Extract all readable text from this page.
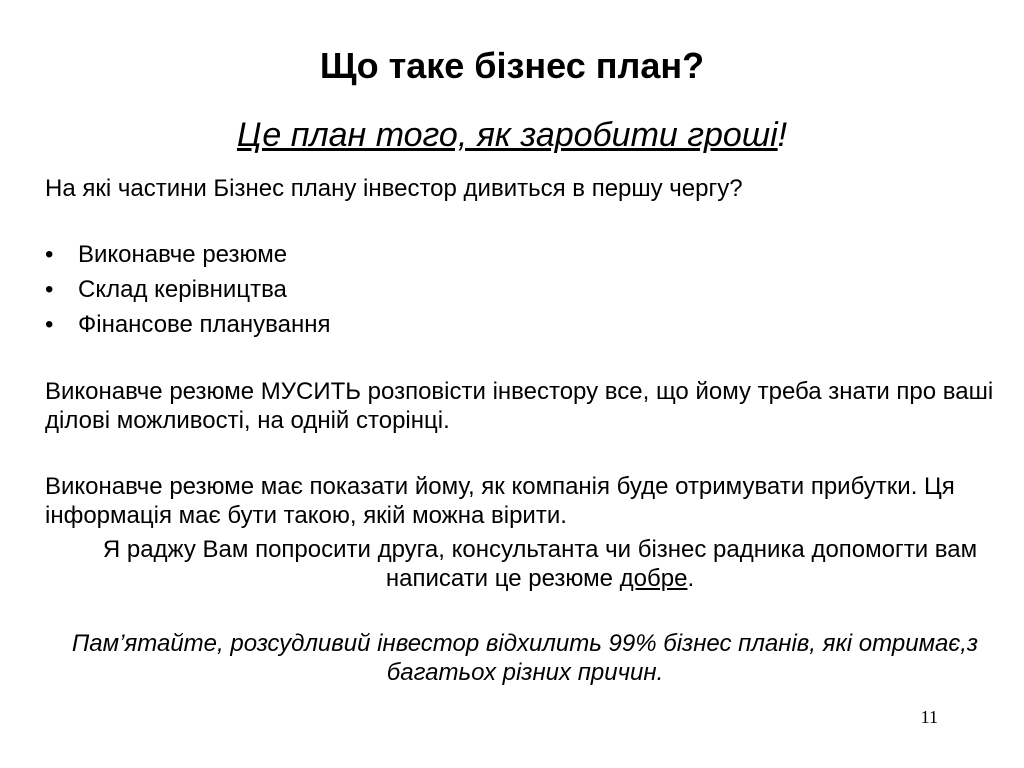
Що таке бізнес план?
Це план того, як заробити гроші!
На які частини Бізнес плану інвестор дивиться в першу чергу?
• Виконавче резюме
• Склад керівництва
• Фінансове планування
Виконавче резюме МУСИТЬ розповісти інвестору все, що йому треба знати про ваші ділові можливості, на одній сторінці.
Виконавче резюме має показати йому, як компанія буде отримувати прибутки. Ця інформація має бути такою, якій можна вірити.
Я раджу Вам попросити друга, консультанта чи бізнес радника допомогти вам написати це резюме добре.
Пам’ятайте, розсудливий інвестор відхилить 99% бізнес планів, які отримає,з багатьох різних причин.
11
